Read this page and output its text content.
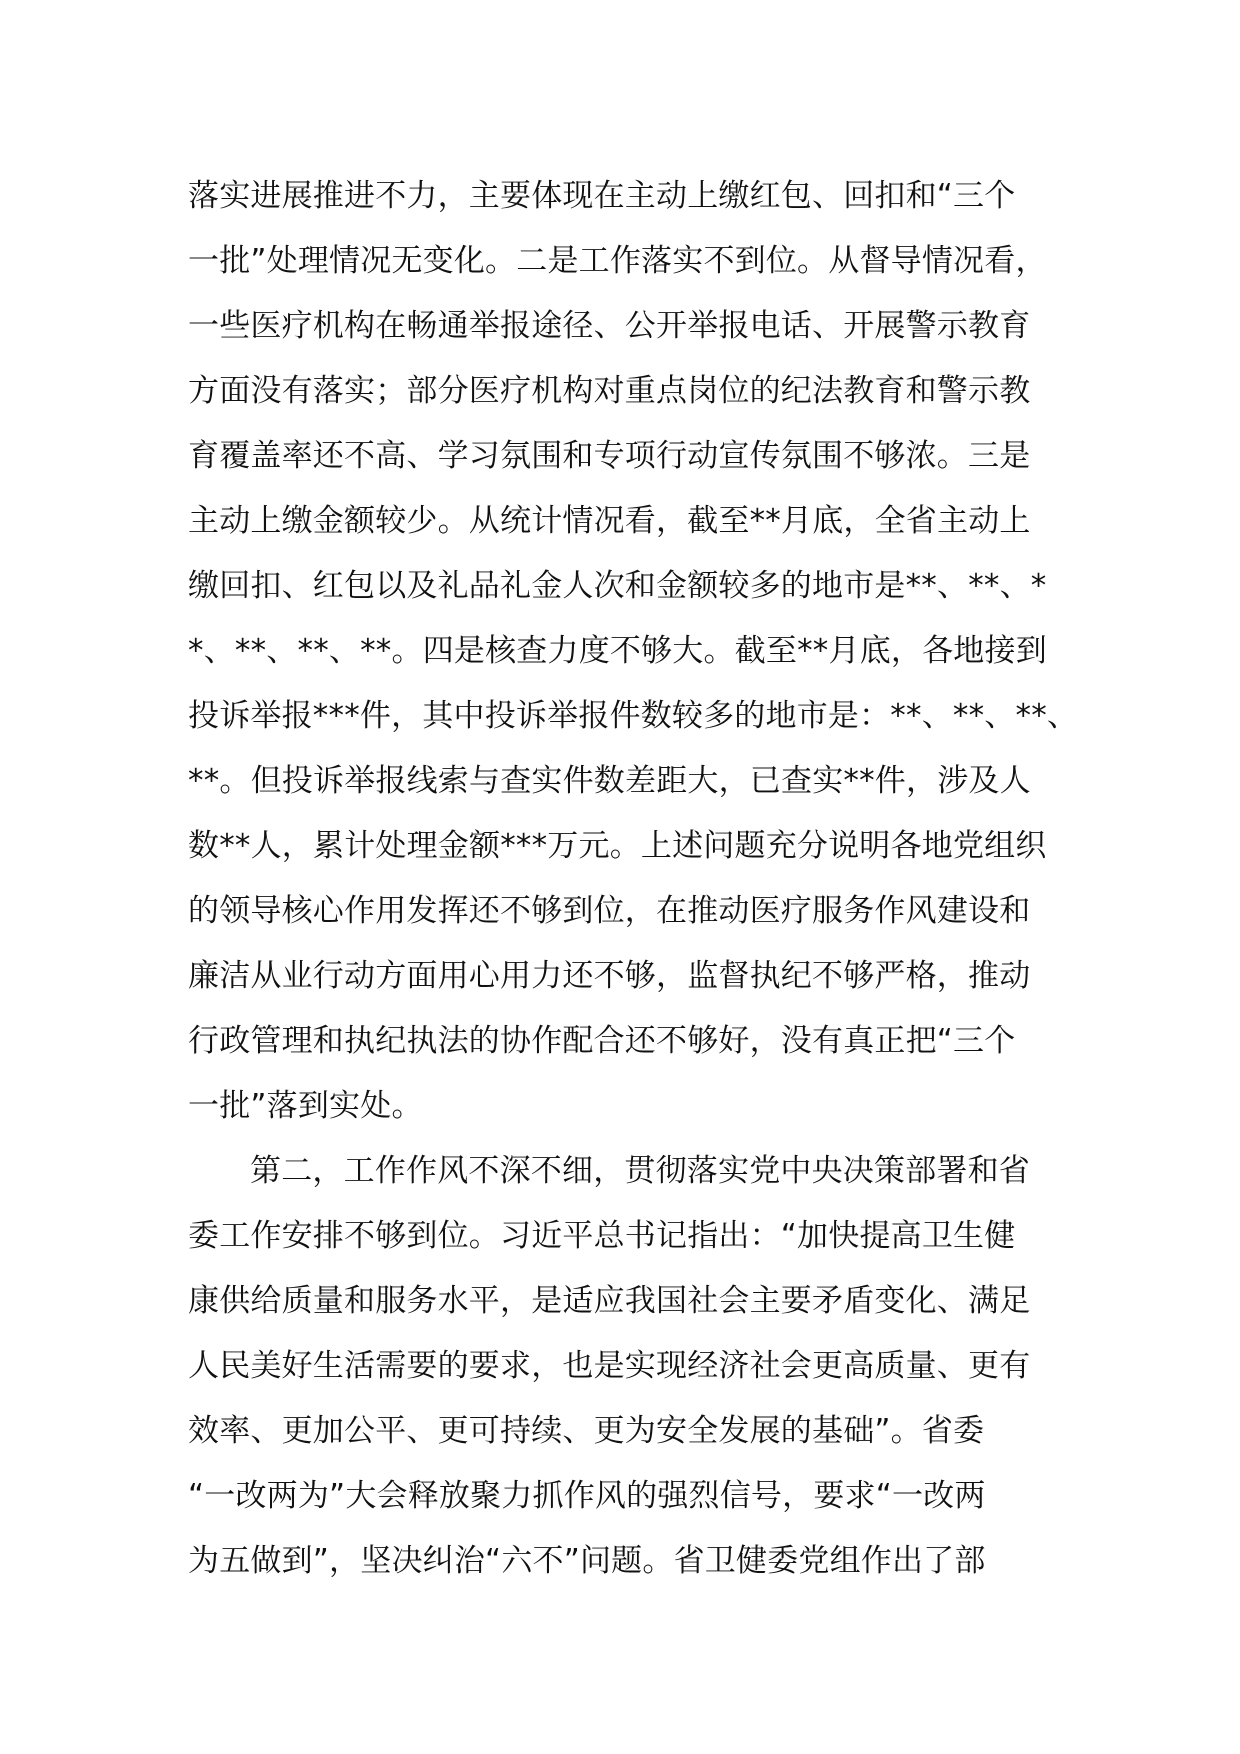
落实进展推进不力，主要体现在主动上缴红包、回扣和“三个
一批”处理情况无变化。二是工作落实不到位。从督导情况看，
一些医疗机构在畅通举报途径、公开举报电话、开展警示教育
方面没有落实；部分医疗机构对重点岗位的纪法教育和警示教
育覆盖率还不高、学习氛围和专项行动宣传氛围不够浓。三是
主动上缴金额较少。从统计情况看，截至**月底，全省主动上
缴回扣、红包以及礼品礼金人次和金额较多的地市是**、**、*
*、**、**、**。四是核查力度不够大。截至**月底，各地接到
投诉举报***件，其中投诉举报件数较多的地市是：**、**、**、
**。但投诉举报线索与查实件数差距大，已查实**件，涉及人
数**人，累计处理金额***万元。上述问题充分说明各地党组织
的领导核心作用发挥还不够到位，在推动医疗服务作风建设和
廉洁从业行动方面用心用力还不够，监督执纪不够严格，推动
行政管理和执纪执法的协作配合还不够好，没有真正把“三个
一批”落到实处。
第二，工作作风不深不细，贯彻落实党中央决策部署和省
委工作安排不够到位。习近平总书记指出：“加快提高卫生健
康供给质量和服务水平，是适应我国社会主要矛盾变化、满足
人民美好生活需要的要求，也是实现经济社会更高质量、更有
效率、更加公平、更可持续、更为安全发展的基础”。省委
“一改两为”大会释放聚力抓作风的强烈信号，要求“一改两
为五做到”，坚决纠治“六不”问题。省卫健委党组作出了部
